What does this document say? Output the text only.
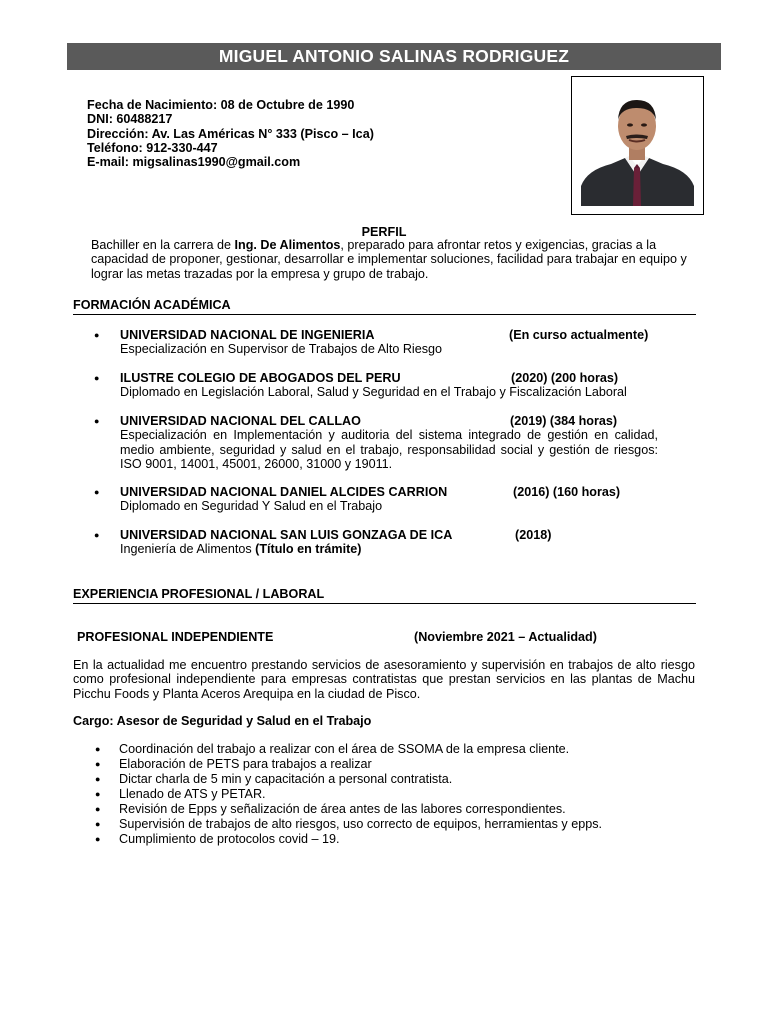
MIGUEL ANTONIO SALINAS RODRIGUEZ
Fecha de Nacimiento: 08 de Octubre de 1990
DNI: 60488217
Dirección: Av. Las Américas N° 333 (Pisco – Ica)
Teléfono: 912-330-447
E-mail: migsalinas1990@gmail.com
PERFIL
Bachiller en la carrera de Ing. De Alimentos, preparado para afrontar retos y exigencias, gracias a la capacidad de proponer, gestionar, desarrollar e implementar soluciones, facilidad para trabajar en equipo y lograr las metas trazadas por la empresa y grupo de trabajo.
FORMACIÓN ACADÉMICA
● UNIVERSIDAD NACIONAL DE INGENIERIA	(En curso actualmente)
Especialización en Supervisor de Trabajos de Alto Riesgo
● ILUSTRE COLEGIO DE ABOGADOS DEL PERU	(2020) (200 horas)
Diplomado en Legislación Laboral, Salud y Seguridad en el Trabajo y Fiscalización Laboral
● UNIVERSIDAD NACIONAL DEL CALLAO	(2019) (384 horas)
Especialización en Implementación y auditoria del sistema integrado de gestión en calidad, medio ambiente, seguridad y salud en el trabajo, responsabilidad social y gestión de riesgos: ISO 9001, 14001, 45001, 26000, 31000 y 19011.
● UNIVERSIDAD NACIONAL DANIEL ALCIDES CARRION	(2016) (160 horas)
Diplomado en Seguridad Y Salud en el Trabajo
● UNIVERSIDAD NACIONAL SAN LUIS GONZAGA DE ICA	(2018)
Ingeniería de Alimentos (Título en trámite)
EXPERIENCIA PROFESIONAL / LABORAL
PROFESIONAL INDEPENDIENTE	(Noviembre 2021 – Actualidad)
En la actualidad me encuentro prestando servicios de asesoramiento y supervisión en trabajos de alto riesgo como profesional independiente para empresas contratistas que prestan servicios en las plantas de Machu Picchu Foods y Planta Aceros Arequipa en la ciudad de Pisco.
Cargo: Asesor de Seguridad y Salud en el Trabajo
● Coordinación del trabajo a realizar con el área de SSOMA de la empresa cliente.
● Elaboración de PETS para trabajos a realizar
● Dictar charla de 5 min y capacitación a personal contratista.
● Llenado de ATS y PETAR.
● Revisión de Epps y señalización de área antes de las labores correspondientes.
● Supervisión de trabajos de alto riesgos, uso correcto de equipos, herramientas y epps.
● Cumplimiento de protocolos covid – 19.
